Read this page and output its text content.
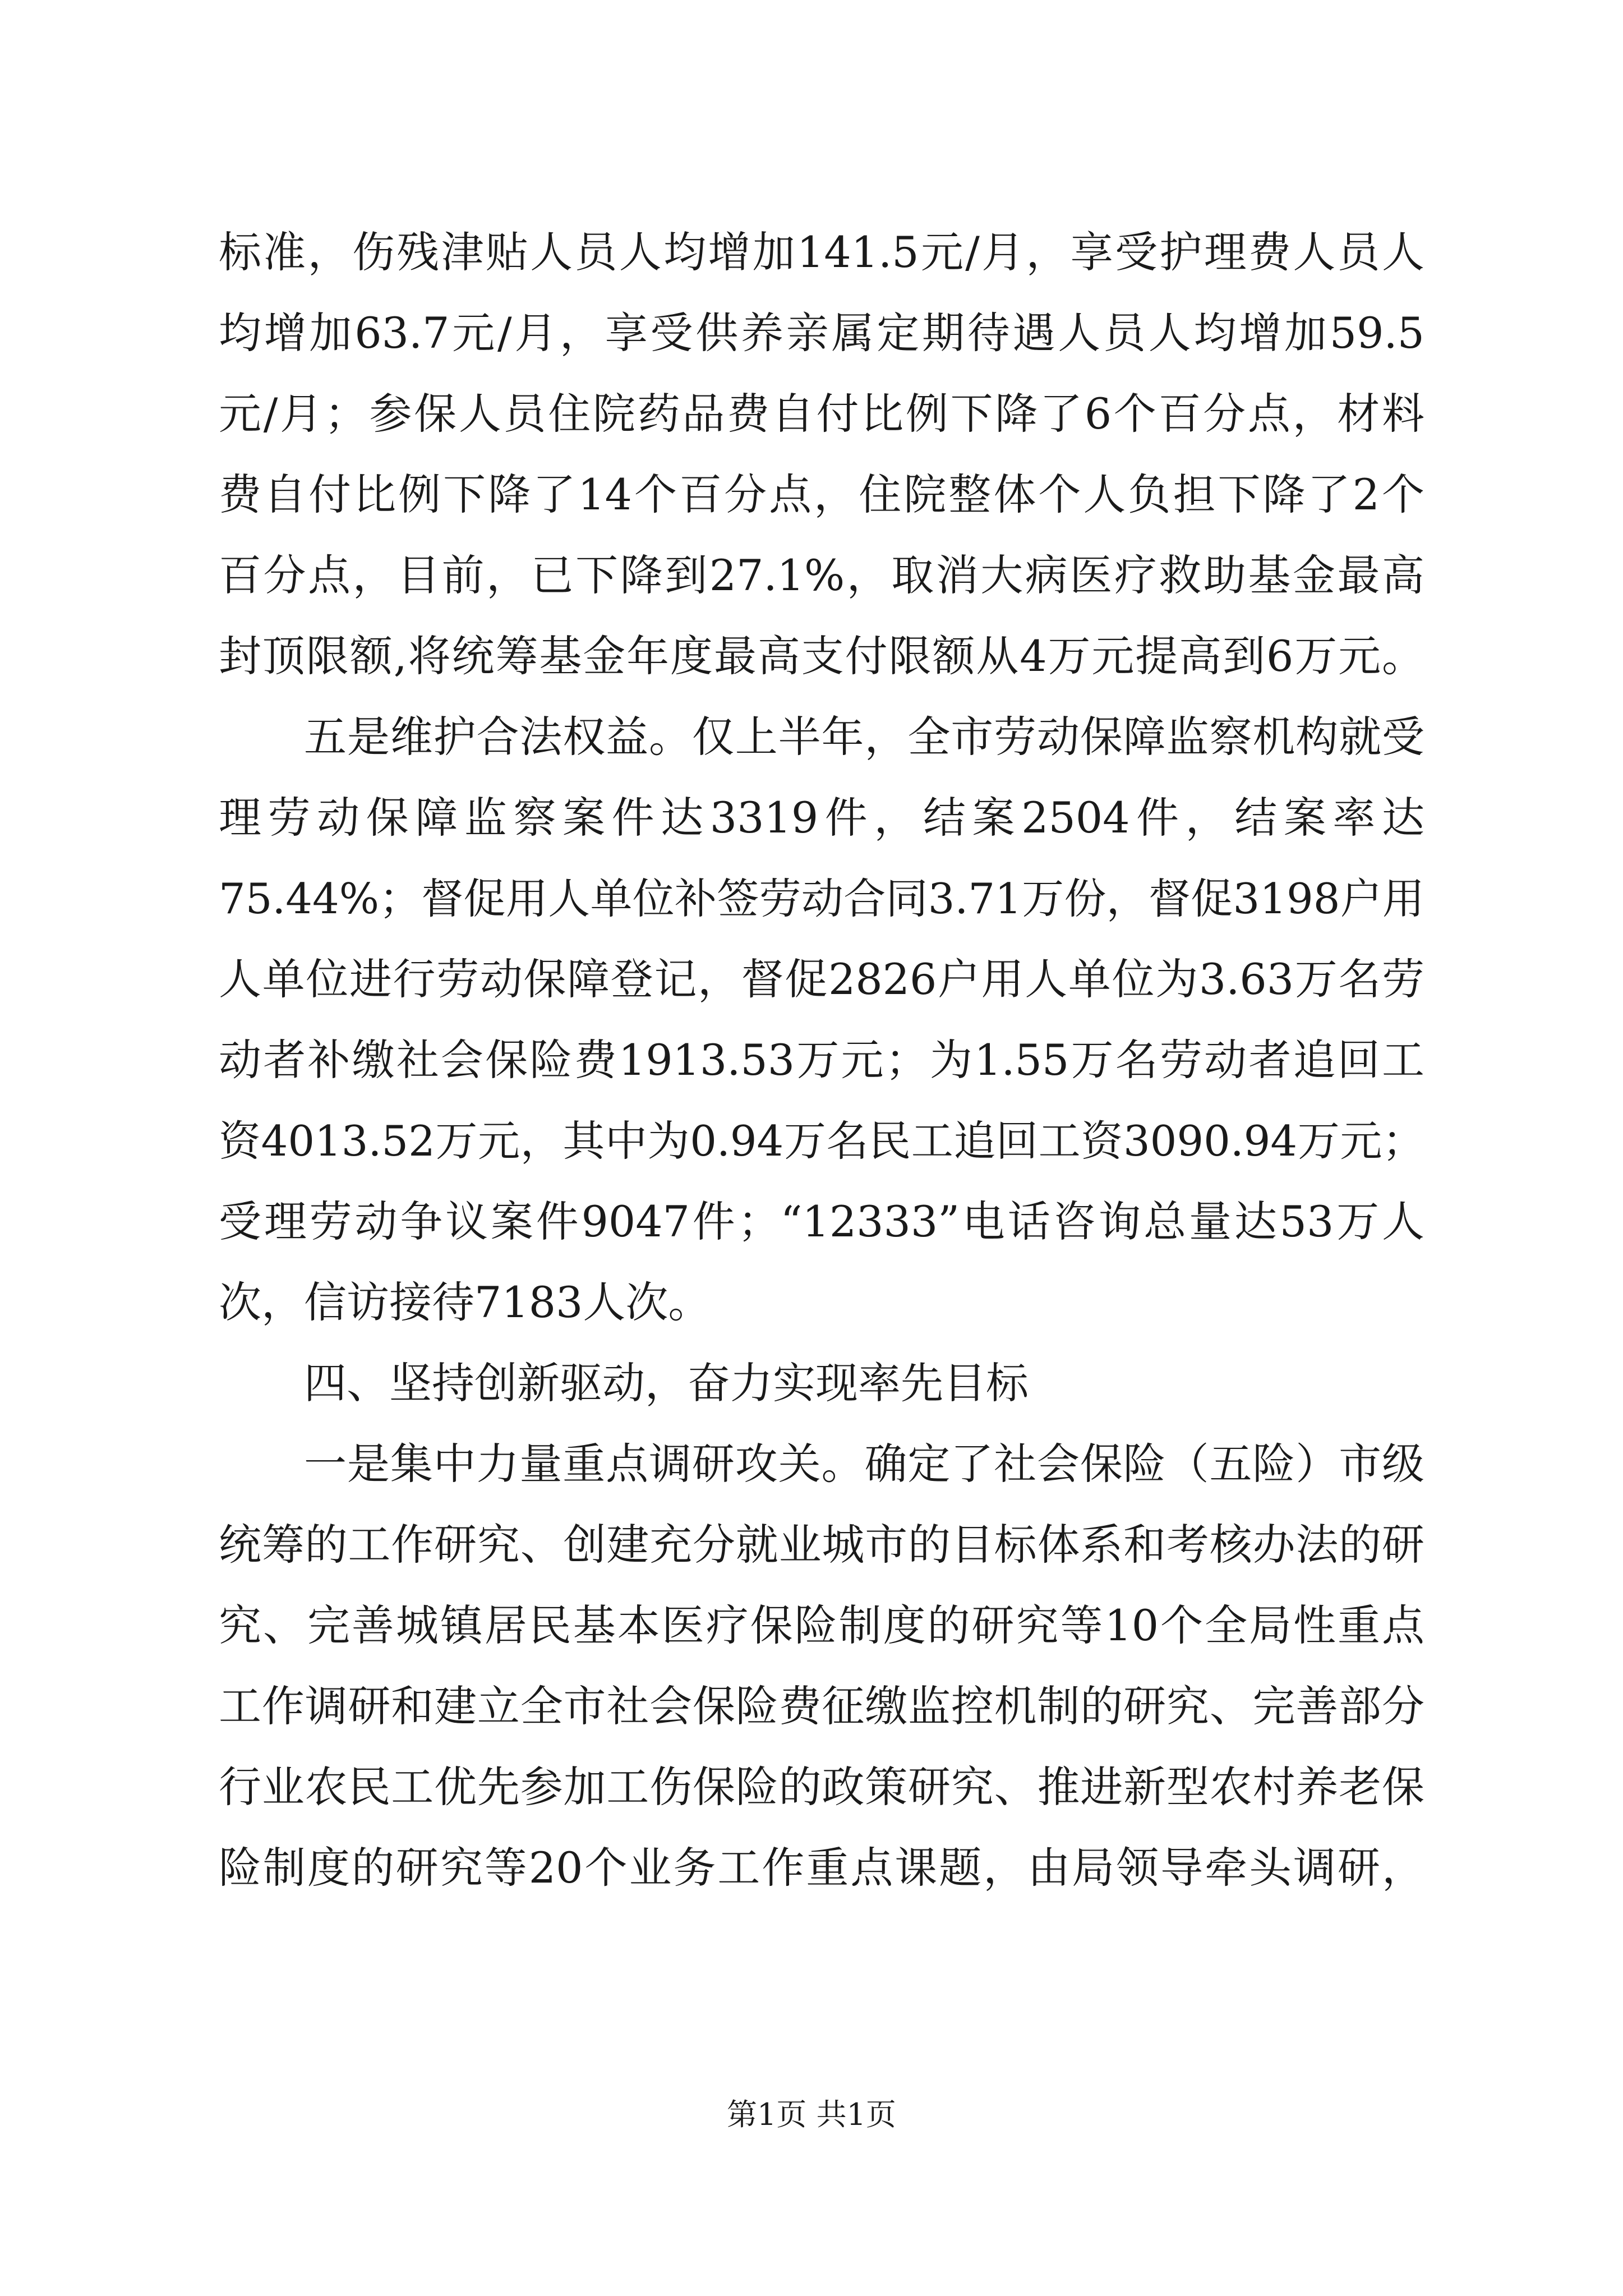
标准，伤残津贴人员人均增加141.5元/月，享受护理费人员人
均增加63.7元/月，享受供养亲属定期待遇人员人均增加59.5
元/月；参保人员住院药品费自付比例下降了6个百分点，材料
费自付比例下降了14个百分点，住院整体个人负担下降了2个
百分点，目前，已下降到27.1%，取消大病医疗救助基金最高
封顶限额,将统筹基金年度最高支付限额从4万元提高到6万元。
五是维护合法权益。仅上半年，全市劳动保障监察机构就受
理劳动保障监察案件达3319件，结案2504件，结案率达
75.44%；督促用人单位补签劳动合同3.71万份，督促3198户用
人单位进行劳动保障登记，督促2826户用人单位为3.63万名劳
动者补缴社会保险费1913.53万元；为1.55万名劳动者追回工
资4013.52万元，其中为0.94万名民工追回工资3090.94万元；
受理劳动争议案件9047件；“12333”电话咨询总量达53万人
次，信访接待7183人次。
四、坚持创新驱动，奋力实现率先目标
一是集中力量重点调研攻关。确定了社会保险（五险）市级
统筹的工作研究、创建充分就业城市的目标体系和考核办法的研
究、完善城镇居民基本医疗保险制度的研究等10个全局性重点
工作调研和建立全市社会保险费征缴监控机制的研究、完善部分
行业农民工优先参加工伤保险的政策研究、推进新型农村养老保
险制度的研究等20个业务工作重点课题，由局领导牵头调研，
第1页 共1页
